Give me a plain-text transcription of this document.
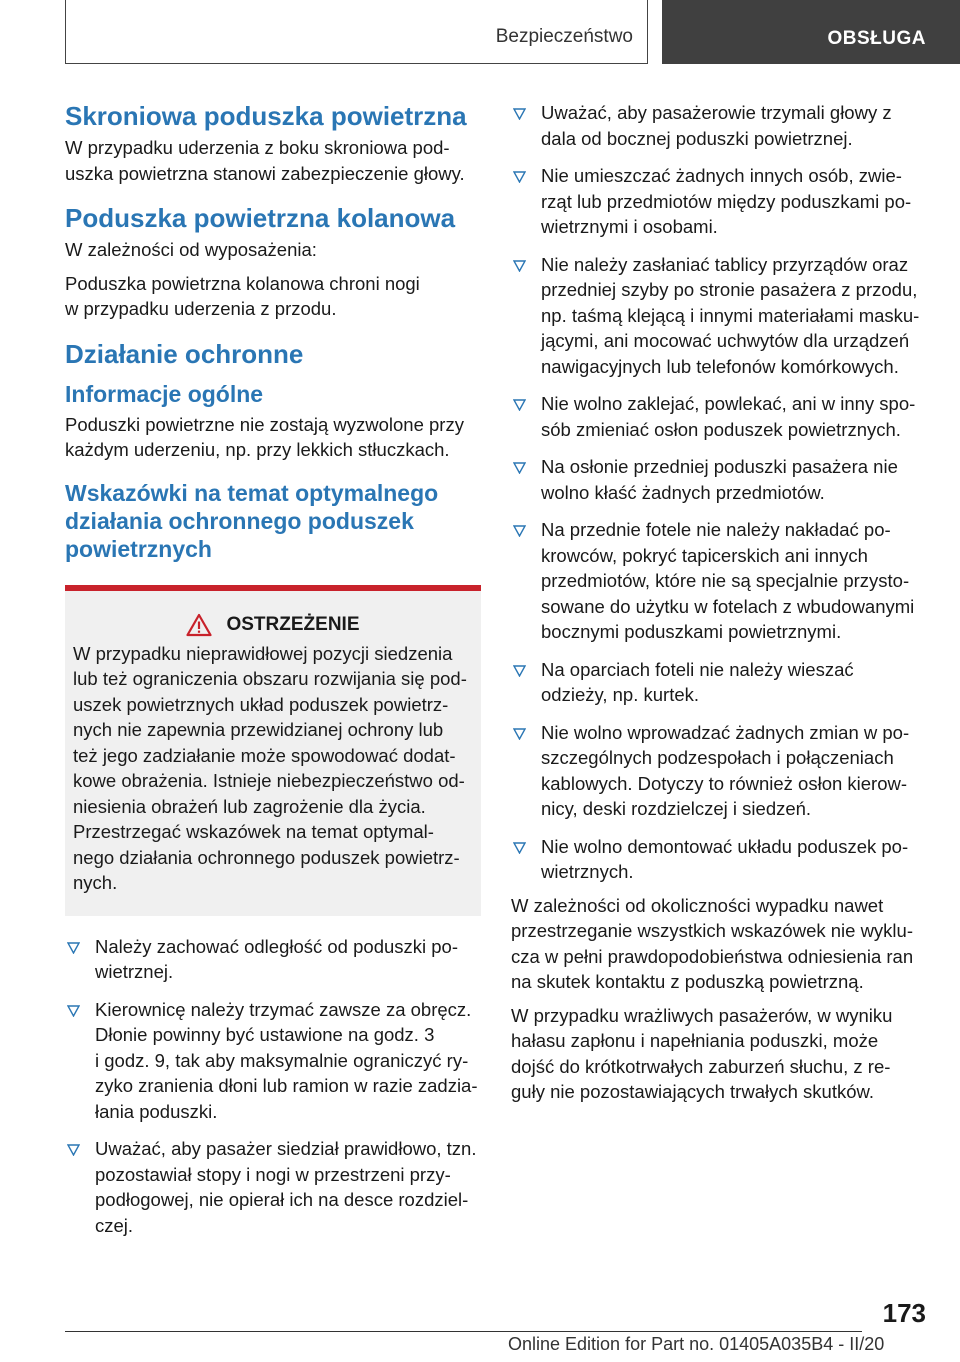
Bezpieczeństwo	OBSŁUGA
Skroniowa poduszka powietrzna

W przypadku uderzenia z boku skroniowa pod‐
uszka powietrzna stanowi zabezpieczenie głowy.

Poduszka powietrzna kolanowa

W zależności od wyposażenia:

Poduszka powietrzna kolanowa chroni nogi
w przypadku uderzenia z przodu.

Działanie ochronne
Informacje ogólne

Poduszki powietrzne nie zostają wyzwolone przy
każdym uderzeniu, np. przy lekkich stłuczkach.

Wskazówki na temat optymalnego
działania ochronnego poduszek
powietrznych
OSTRZEŻENIE

W przypadku nieprawidłowej pozycji siedzenia
lub też ograniczenia obszaru rozwijania się pod‐
uszek powietrznych układ poduszek powietrz‐
nych nie zapewnia przewidzianej ochrony lub
też jego zadziałanie może spowodować dodat‐
kowe obrażenia. Istnieje niebezpieczeństwo od‐
niesienia obrażeń lub zagrożenie dla życia.
Przestrzegać wskazówek na temat optymal‐
nego działania ochronnego poduszek powietrz‐
nych.

Należy zachować odległość od poduszki po‐
wietrznej.
Kierownicę należy trzymać zawsze za obręcz.
Dłonie powinny być ustawione na godz. 3
i godz. 9, tak aby maksymalnie ograniczyć ry‐
zyko zranienia dłoni lub ramion w razie zadzia‐
łania poduszki.
Uważać, aby pasażer siedział prawidłowo, tzn.
pozostawiał stopy i nogi w przestrzeni przy‐
podłogowej, nie opierał ich na desce rozdziel‐
czej.
Uważać, aby pasażerowie trzymali głowy z
dala od bocznej poduszki powietrznej.
Nie umieszczać żadnych innych osób, zwie‐
rząt lub przedmiotów między poduszkami po‐
wietrznymi i osobami.
Nie należy zasłaniać tablicy przyrządów oraz
przedniej szyby po stronie pasażera z przodu,
np. taśmą klejącą i innymi materiałami masku‐
jącymi, ani mocować uchwytów dla urządzeń
nawigacyjnych lub telefonów komórkowych.
Nie wolno zaklejać, powlekać, ani w inny spo‐
sób zmieniać osłon poduszek powietrznych.
Na osłonie przedniej poduszki pasażera nie
wolno kłaść żadnych przedmiotów.
Na przednie fotele nie należy nakładać po‐
krowców, pokryć tapicerskich ani innych
przedmiotów, które nie są specjalnie przysto‐
sowane do użytku w fotelach z wbudowanymi
bocznymi poduszkami powietrznymi.
Na oparciach foteli nie należy wieszać
odzieży, np. kurtek.
Nie wolno wprowadzać żadnych zmian w po‐
szczególnych podzespołach i połączeniach
kablowych. Dotyczy to również osłon kierow‐
nicy, deski rozdzielczej i siedzeń.
Nie wolno demontować układu poduszek po‐
wietrznych.

W zależności od okoliczności wypadku nawet
przestrzeganie wszystkich wskazówek nie wyklu‐
cza w pełni prawdopodobieństwa odniesienia ran
na skutek kontaktu z poduszką powietrzną.

W przypadku wrażliwych pasażerów, w wyniku
hałasu zapłonu i napełniania poduszki, może
dojść do krótkotrwałych zaburzeń słuchu, z re‐
guły nie pozostawiających trwałych skutków.

173
Online Edition for Part no. 01405A035B4 - II/20
